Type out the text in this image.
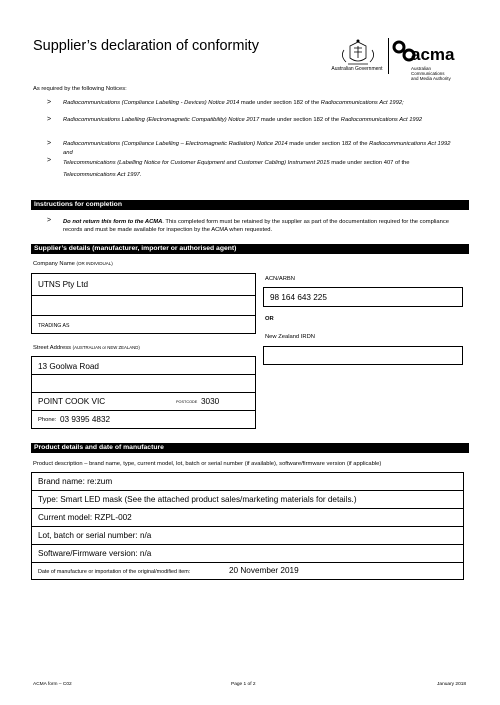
Supplier’s declaration of conformity
Australian Government
acma
Australian
Communications
and Media Authority
As required by the following Notices:
> Radiocommunications (Compliance Labelling - Devices) Notice 2014 made under section 182 of the Radiocommunications Act 1992;
> Radiocommunications Labelling (Electromagnetic Compatibility) Notice 2017 made under section 182 of the Radiocommunications Act 1992
> Radiocommunications (Compliance Labelling – Electromagnetic Radiation) Notice 2014 made under section 182 of the Radiocommunications Act 1992 and
> Telecommunications (Labelling Notice for Customer Equipment and Customer Cabling) Instrument 2015 made under section 407 of the Telecommunications Act 1997.
Instructions for completion
> Do not return this form to the ACMA. This completed form must be retained by the supplier as part of the documentation required for the compliance records and must be made available for inspection by the ACMA when requested.
Supplier’s details (manufacturer, importer or authorised agent)
Company Name (OR INDIVIDUAL)
UTNS Pty Ltd
TRADING AS
ACN/ARBN
98 164 643 225
OR
New Zealand IRDN
Street Address (AUSTRALIAN or NEW ZEALAND)
13 Goolwa Road
POINT COOK VIC	POSTCODE 3030
Phone: 03 9395 4832
Product details and date of manufacture
Product description – brand name, type, current model, lot, batch or serial number (if available), software/firmware version (if applicable)
Brand name: re:zum
Type: Smart LED mask (See the attached product sales/marketing materials for details.)
Current model: RZPL-002
Lot, batch or serial number: n/a
Software/Firmware version: n/a
Date of manufacture or importation of the original/modified item:	20 November 2019
ACMA form – C02	Page 1 of 2	January 2018
